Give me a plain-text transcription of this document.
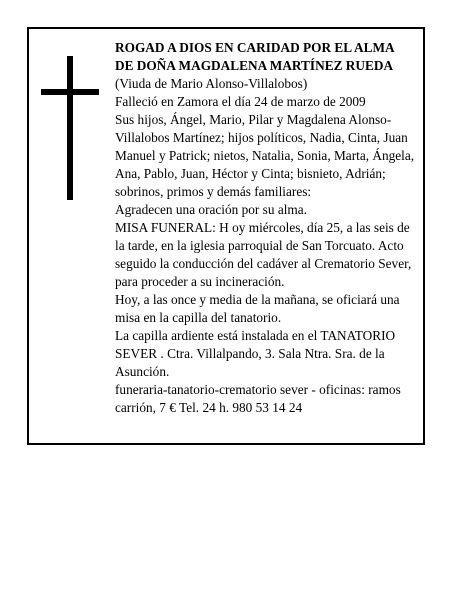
ROGAD A DIOS EN CARIDAD POR EL ALMA
DE DOÑA MAGDALENA MARTÍNEZ RUEDA

(Viuda de Mario Alonso-Villalobos)

Falleció en Zamora el día 24 de marzo de 2009

Sus hijos, Ángel, Mario, Pilar y Magdalena Alonso-
Villalobos Martínez; hijos políticos, Nadia, Cinta, Juan
Manuel y Patrick; nietos, Natalia, Sonia, Marta, Ángela,
Ana, Pablo, Juan, Héctor y Cinta; bisnieto, Adrián;
sobrinos, primos y demás familiares:

Agradecen una oración por su alma.

MISA FUNERAL: H oy miércoles, día 25, a las seis de
la tarde, en la iglesia parroquial de San Torcuato. Acto
seguido la conducción del cadáver al Crematorio Sever,
para proceder a su incineración.

Hoy, a las once y media de la mañana, se oficiará una
misa en la capilla del tanatorio.

La capilla ardiente está instalada en el TANATORIO
SEVER . Ctra. Villalpando, 3. Sala Ntra. Sra. de la
Asunción.

funeraria-tanatorio-crematorio sever - oficinas: ramos
carrión, 7 € Tel. 24 h. 980 53 14 24
